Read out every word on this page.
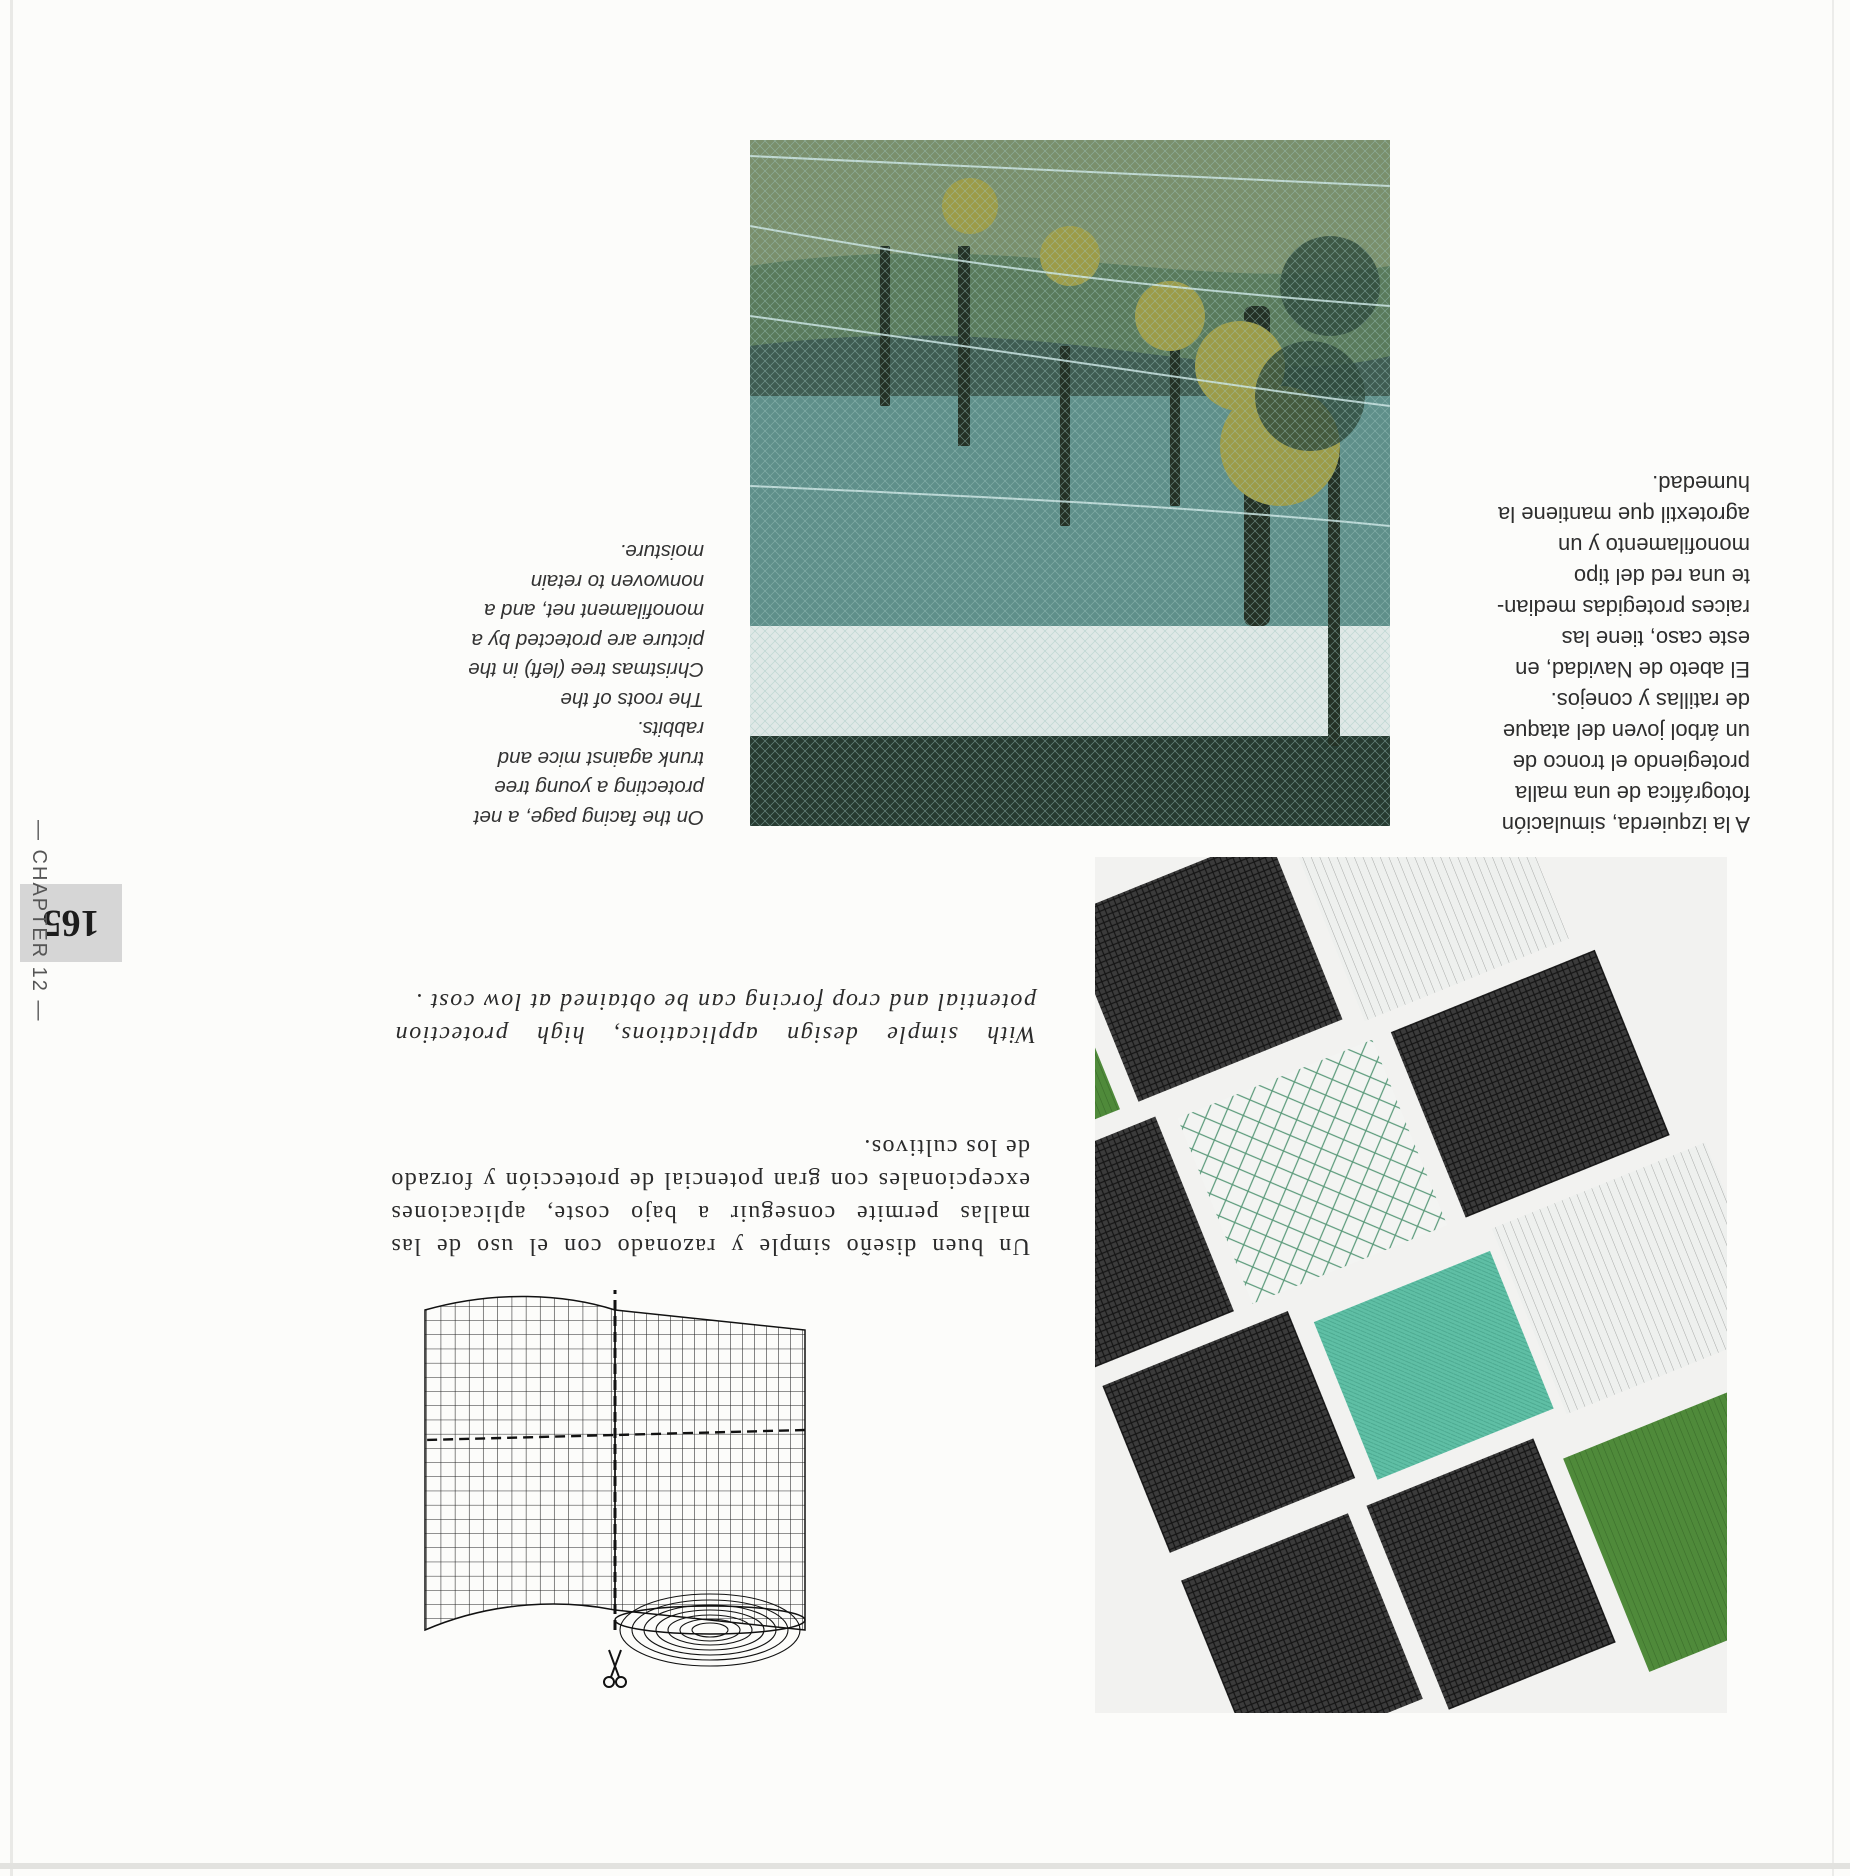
A la izquierda, simulación
fotográfica de una malla
protegiendo el tronco de
un árbol joven del ataque
de ratillas y conejos.
El abeto de Navidad, en
este caso, tiene las
raices protegidas median-
te una red del tipo
monofilamento y un
agrotextil que mantiene la
humedad.
On the facing page, a net
protecting a young tree
trunk against mice and
rabbits.
The roots of the
Christmas tree (left) in the
picture are protected by a
monofilament net, and a
nonwoven to retain
moisture.
Un buen diseño simple y razonado con el uso de las mallas permite conseguir a bajo coste, aplicaciones excepcionales con gran potencial de protección y forzado de los cultivos.
With simple design applications, high protection potential and crop forcing can be obtained at low cost .
165
— CHAPTER 12 —
